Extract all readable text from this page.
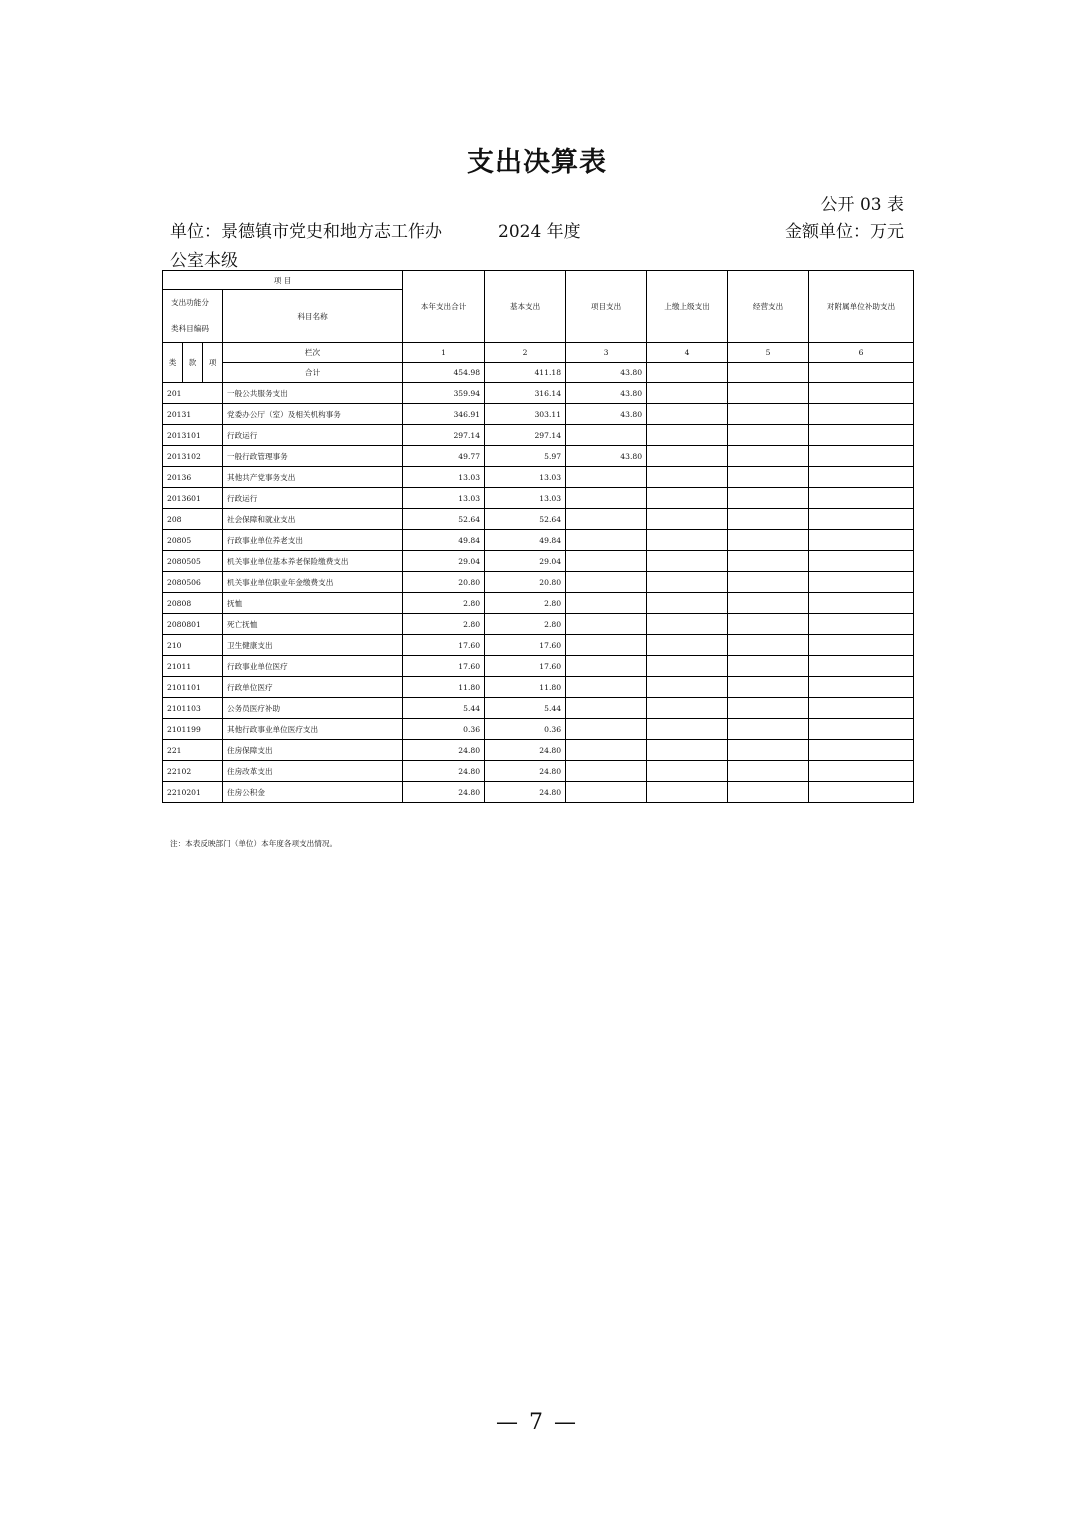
支出决算表
公开 03 表
单位：景德镇市党史和地方志工作办公室本级
2024 年度	金额单位：万元
项 目				本年支出合计	基本支出	项目支出	上缴上级支出	经营支出	对附属单位补助支出
支出功能分类科目编码			科目名称						
类	款	项	栏次	1	2	3	4	5	6
			合计	454.98	411.18	43.80			
201			一般公共服务支出	359.94	316.14	43.80			
20131			党委办公厅（室）及相关机构事务	346.91	303.11	43.80			
2013101			行政运行	297.14	297.14				
2013102			一般行政管理事务	49.77	5.97	43.80			
20136			其他共产党事务支出	13.03	13.03				
2013601			行政运行	13.03	13.03				
208			社会保障和就业支出	52.64	52.64				
20805			行政事业单位养老支出	49.84	49.84				
2080505			机关事业单位基本养老保险缴费支出	29.04	29.04				
2080506			机关事业单位职业年金缴费支出	20.80	20.80				
20808			抚恤	2.80	2.80				
2080801			死亡抚恤	2.80	2.80				
210			卫生健康支出	17.60	17.60				
21011			行政事业单位医疗	17.60	17.60				
2101101			行政单位医疗	11.80	11.80				
2101103			公务员医疗补助	5.44	5.44				
2101199			其他行政事业单位医疗支出	0.36	0.36				
221			住房保障支出	24.80	24.80				
22102			住房改革支出	24.80	24.80				
2210201			住房公积金	24.80	24.80				
注：本表反映部门（单位）本年度各项支出情况。
— 7 —
